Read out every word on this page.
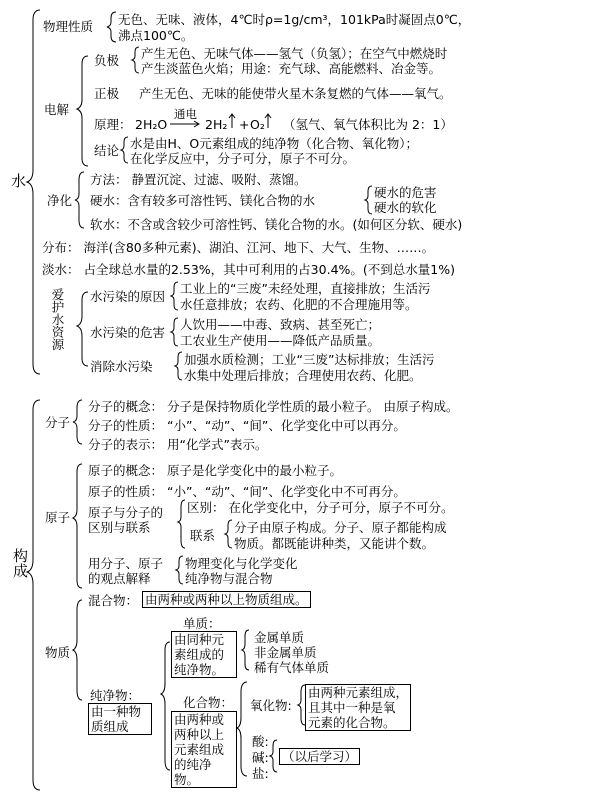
水
物理性质 无色、无味、液体，4℃时ρ=1g/cm³，101kPa时凝固点0℃，
沸点100℃。
电解
负极 产生无色、无味气体——氢气（负氢）；在空气中燃烧时
产生淡蓝色火焰；用途：充气球、高能燃料、冶金等。
正极 产生无色、无味的能使带火星木条复燃的气体——氧气。
原理： 2H₂O
通电
2H₂ + O₂ （氢气、氧气体积比为 2：1）
结论 水是由H、O元素组成的纯净物（化合物、氧化物）；
在化学反应中，分子可分，原子不可分。
净化
方法： 静置沉淀、过滤、吸附、蒸馏。
硬水：含有较多可溶性钙、镁化合物的水
硬水的危害
硬水的软化
软水：不含或含较少可溶性钙、镁化合物的水。(如何区分软、硬水)
分布： 海洋(含80多种元素)、湖泊、江河、地下、大气、生物、……。
淡水： 占全球总水量的2.53%，其中可利用的占30.4%。(不到总水量1%)
爱护水资源 水污染的原因
工业上的“三废”未经处理，直接排放；生活污
水任意排放；农药、化肥的不合理施用等。
水污染的危害
人饮用——中毒、致病、甚至死亡；
工农业生产使用——降低产品质量。
消除水污染	加强水质检测；工业“三废”达标排放；生活污
水集中处理后排放；合理使用农药、化肥。
构成
分子
分子的概念： 分子是保持物质化学性质的最小粒子。 由原子构成。
分子的性质： “小”、“动”、“间”、化学变化中可以再分。
分子的表示： 用“化学式”表示。
原子
原子的概念： 原子是化学变化中的最小粒子。
原子的性质： “小”、“动”、“间”、化学变化中不可再分。
原子与分子的
区别与联系
区别： 在化学变化中，分子可分，原子不可分。
联系
分子由原子构成。分子、原子都能构成
物质。都既能讲种类，又能讲个数。
用分子、原子
的观点解释
物理变化与化学变化
纯净物与混合物
物质
混合物： 由两种或两种以上物质组成。
纯净物：
由一种物
质组成
单质：
由同种元
素组成的
纯净物。
金属单质
非金属单质
稀有气体单质
化合物：
由两种或
两种以上
元素组成
的纯净物。
氧化物:
由两种元素组成，
且其中一种是氧
元素的化合物。
酸:
碱:
盐:
（以后学习）
